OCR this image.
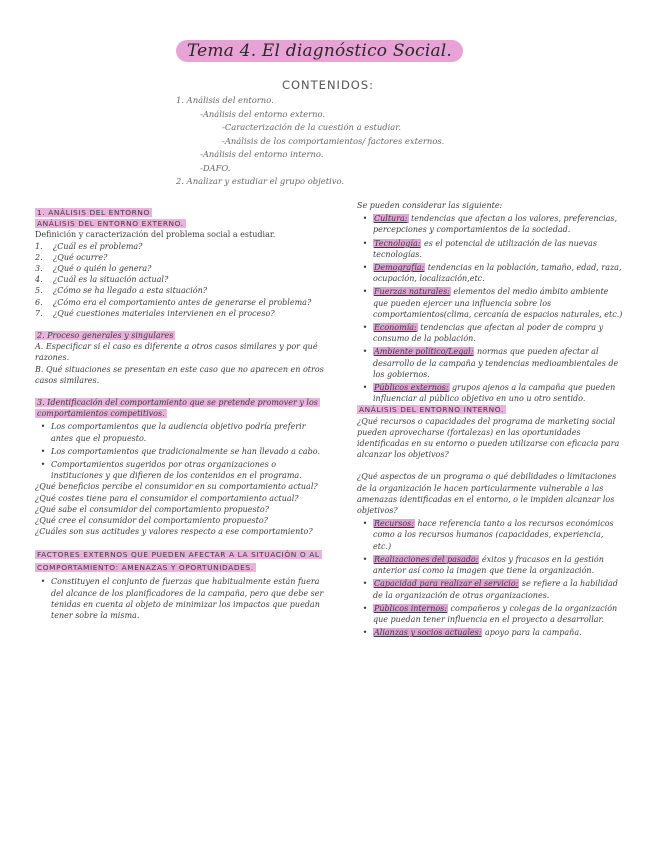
Tema 4. El diagnóstico Social.
CONTENIDOS:
1. Análisis del entorno.
-Análisis del entorno externo.
-Caracterización de la cuestión a estudiar.
-Análisis de los comportamientos/ factores externos.
-Análisis del entorno interno.
-DAFO.
2. Analizar y estudiar el grupo objetivo.

1. ANÁLISIS DEL ENTORNO

ANÁLISIS DEL ENTORNO EXTERNO.

Definición y caracterización del problema social a estudiar.

1.	¿Cuál es el problema?
2.	¿Qué ocurre?
3.	¿Qué o quién lo genera?
4.	¿Cuál es la situación actual?
5.	¿Cómo se ha llegado a esta situación?
6.	¿Cómo era el comportamiento antes de generarse el problema?
7.	¿Qué cuestiones materiales intervienen en el proceso?

2. Proceso generales y singulares

A. Especificar si el caso es diferente a otros casos similares y por qué razones.

B. Qué situaciones se presentan en este caso que no aparecen en otros casos similares.

3. Identificación del comportamiento que se pretende promover y los comportamientos competitivos.

• Los comportamientos que la audiencia objetivo podría preferir antes que el propuesto.
• Los comportamientos que tradicionalmente se han llevado a cabo.
• Comportamientos sugeridos por otras organizaciones o instituciones y que difieren de los contenidos en el programa.

¿Qué beneficios percibe el consumidor en su comportamiento actual?

¿Qué costes tiene para el consumidor el comportamiento actual?

¿Qué sabe el consumidor del comportamiento propuesto?

¿Qué cree el consumidor del comportamiento propuesto?

¿Cuáles son sus actitudes y valores respecto a ese comportamiento?

FACTORES EXTERNOS QUE PUEDEN AFECTAR A LA SITUACIÓN O AL COMPORTAMIENTO: AMENAZAS Y OPORTUNIDADES.

• Constituyen el conjunto de fuerzas que habitualmente están fuera del alcance de los planificadores de la campaña, pero que debe ser tenidas en cuenta al objeto de minimizar los impactos que puedan tener sobre la misma.

Se pueden considerar las siguiente:

• Cultura: tendencias que afectan a los valores, preferencias, percepciones y comportamientos de la sociedad.
• Tecnología: es el potencial de utilización de las nuevas tecnologías.
• Demografía: tendencias en la población, tamaño, edad, raza, ocupación, localización,etc.
• Fuerzas naturales: elementos del medio ámbito ambiente que pueden ejercer una influencia sobre los comportamientos(clima, cercanía de espacios naturales, etc.)
• Economía: tendencias que afectan al poder de compra y consumo de la población.
• Ambiente político/Legal: normas que pueden afectar al desarrollo de la campaña y tendencias medioambientales de los gobiernos.
• Públicos externos: grupos ajenos a la campaña que pueden influenciar al público objetivo en uno u otro sentido.

ANÁLISIS DEL ENTORNO INTERNO.

¿Qué recursos o capacidades del programa de marketing social pueden aprovecharse (fortalezas) en las oportunidades identificadas en su entorno o pueden utilizarse con eficacia para alcanzar los objetivos?

¿Qué aspectos de un programa o qué debilidades o limitaciones de la organización le hacen particularmente vulnerable a las amenazas identificadas en el entorno, o le impiden alcanzar los objetivos?

• Recursos: hace referencia tanto a los recursos económicos como a los recursos humanos (capacidades, experiencia, etc.)
• Realizaciones del pasado: éxitos y fracasos en la gestión anterior así como la imagen que tiene la organización.
• Capacidad para realizar el servicio: se refiere a la habilidad de la organización de otras organizaciones.
• Públicos internos: compañeros y colegas de la organización que puedan tener influencia en el proyecto a desarrollar.
• Alianzas y socios actuales: apoyo para la campaña.
